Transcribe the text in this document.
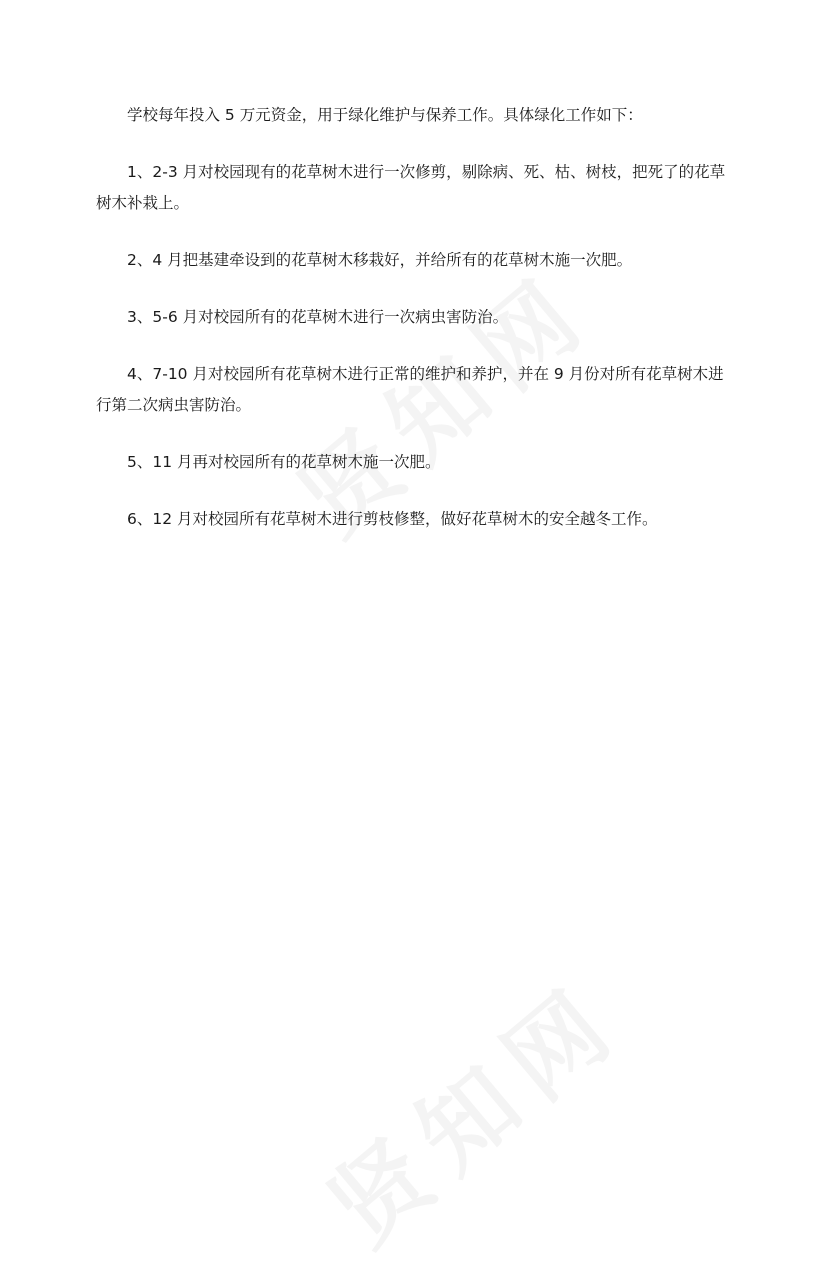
学校每年投入 5 万元资金，用于绿化维护与保养工作。具体绿化工作如下：

1、2-3 月对校园现有的花草树木进行一次修剪，剔除病、死、枯、树枝，把死了的花草树木补栽上。

2、4 月把基建牵设到的花草树木移栽好，并给所有的花草树木施一次肥。

3、5-6 月对校园所有的花草树木进行一次病虫害防治。

4、7-10 月对校园所有花草树木进行正常的维护和养护，并在 9 月份对所有花草树木进行第二次病虫害防治。

5、11 月再对校园所有的花草树木施一次肥。

6、12 月对校园所有花草树木进行剪枝修整，做好花草树木的安全越冬工作。
